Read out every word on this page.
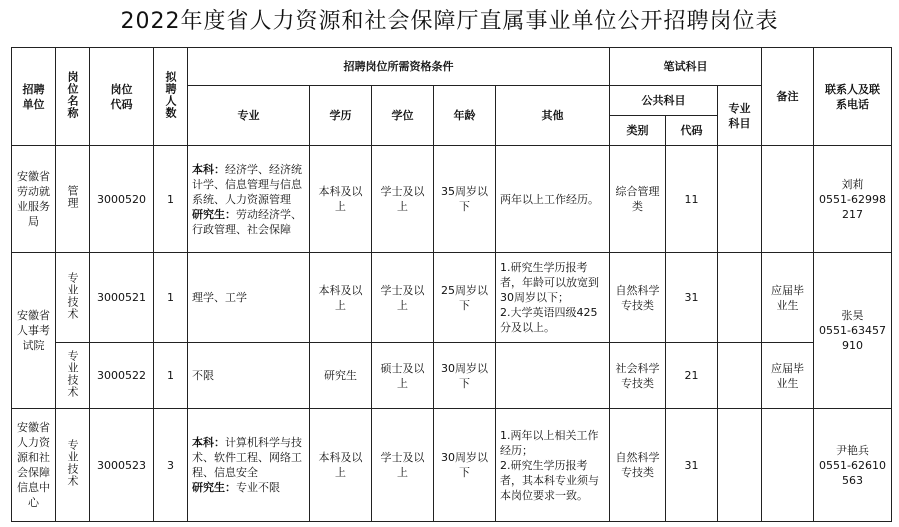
2022年度省人力资源和社会保障厅直属事业单位公开招聘岗位表
招聘单位	岗位名称	岗位代码	拟聘人数	招聘岗位所需资格条件					笔试科目			备注	联系人及联系电话
				专业	学历	学位	年龄	其他	公共科目		专业科目		
									类别	代码			
安徽省劳动就业服务局	管理	3000520	1	本科：经济学、经济统计学、信息管理与信息系统、人力资源管理
研究生：劳动经济学、行政管理、社会保障	本科及以上	学士及以上	35周岁以下	两年以上工作经历。	综合管理类	11			刘莉
0551-62998217

安徽省人事考试院	专业技术	3000521	1	理学、工学	本科及以上	学士及以上	25周岁以下	1.研究生学历报考者，年龄可以放宽到30周岁以下；
2.大学英语四级425分及以上。	自然科学专技类	31		应届毕业生	张昊
0551-63457910

	专业技术	3000522	1	不限	研究生	硕士及以上	30周岁以下		社会科学专技类	21		应届毕业生	
安徽省人力资源和社会保障信息中心	专业技术	3000523	3	本科：计算机科学与技术、软件工程、网络工程、信息安全
研究生：专业不限	本科及以上	学士及以上	30周岁以下	1.两年以上相关工作经历；
2.研究生学历报考者，其本科专业须与本岗位要求一致。	自然科学专技类	31			尹艳兵
0551-62610563
